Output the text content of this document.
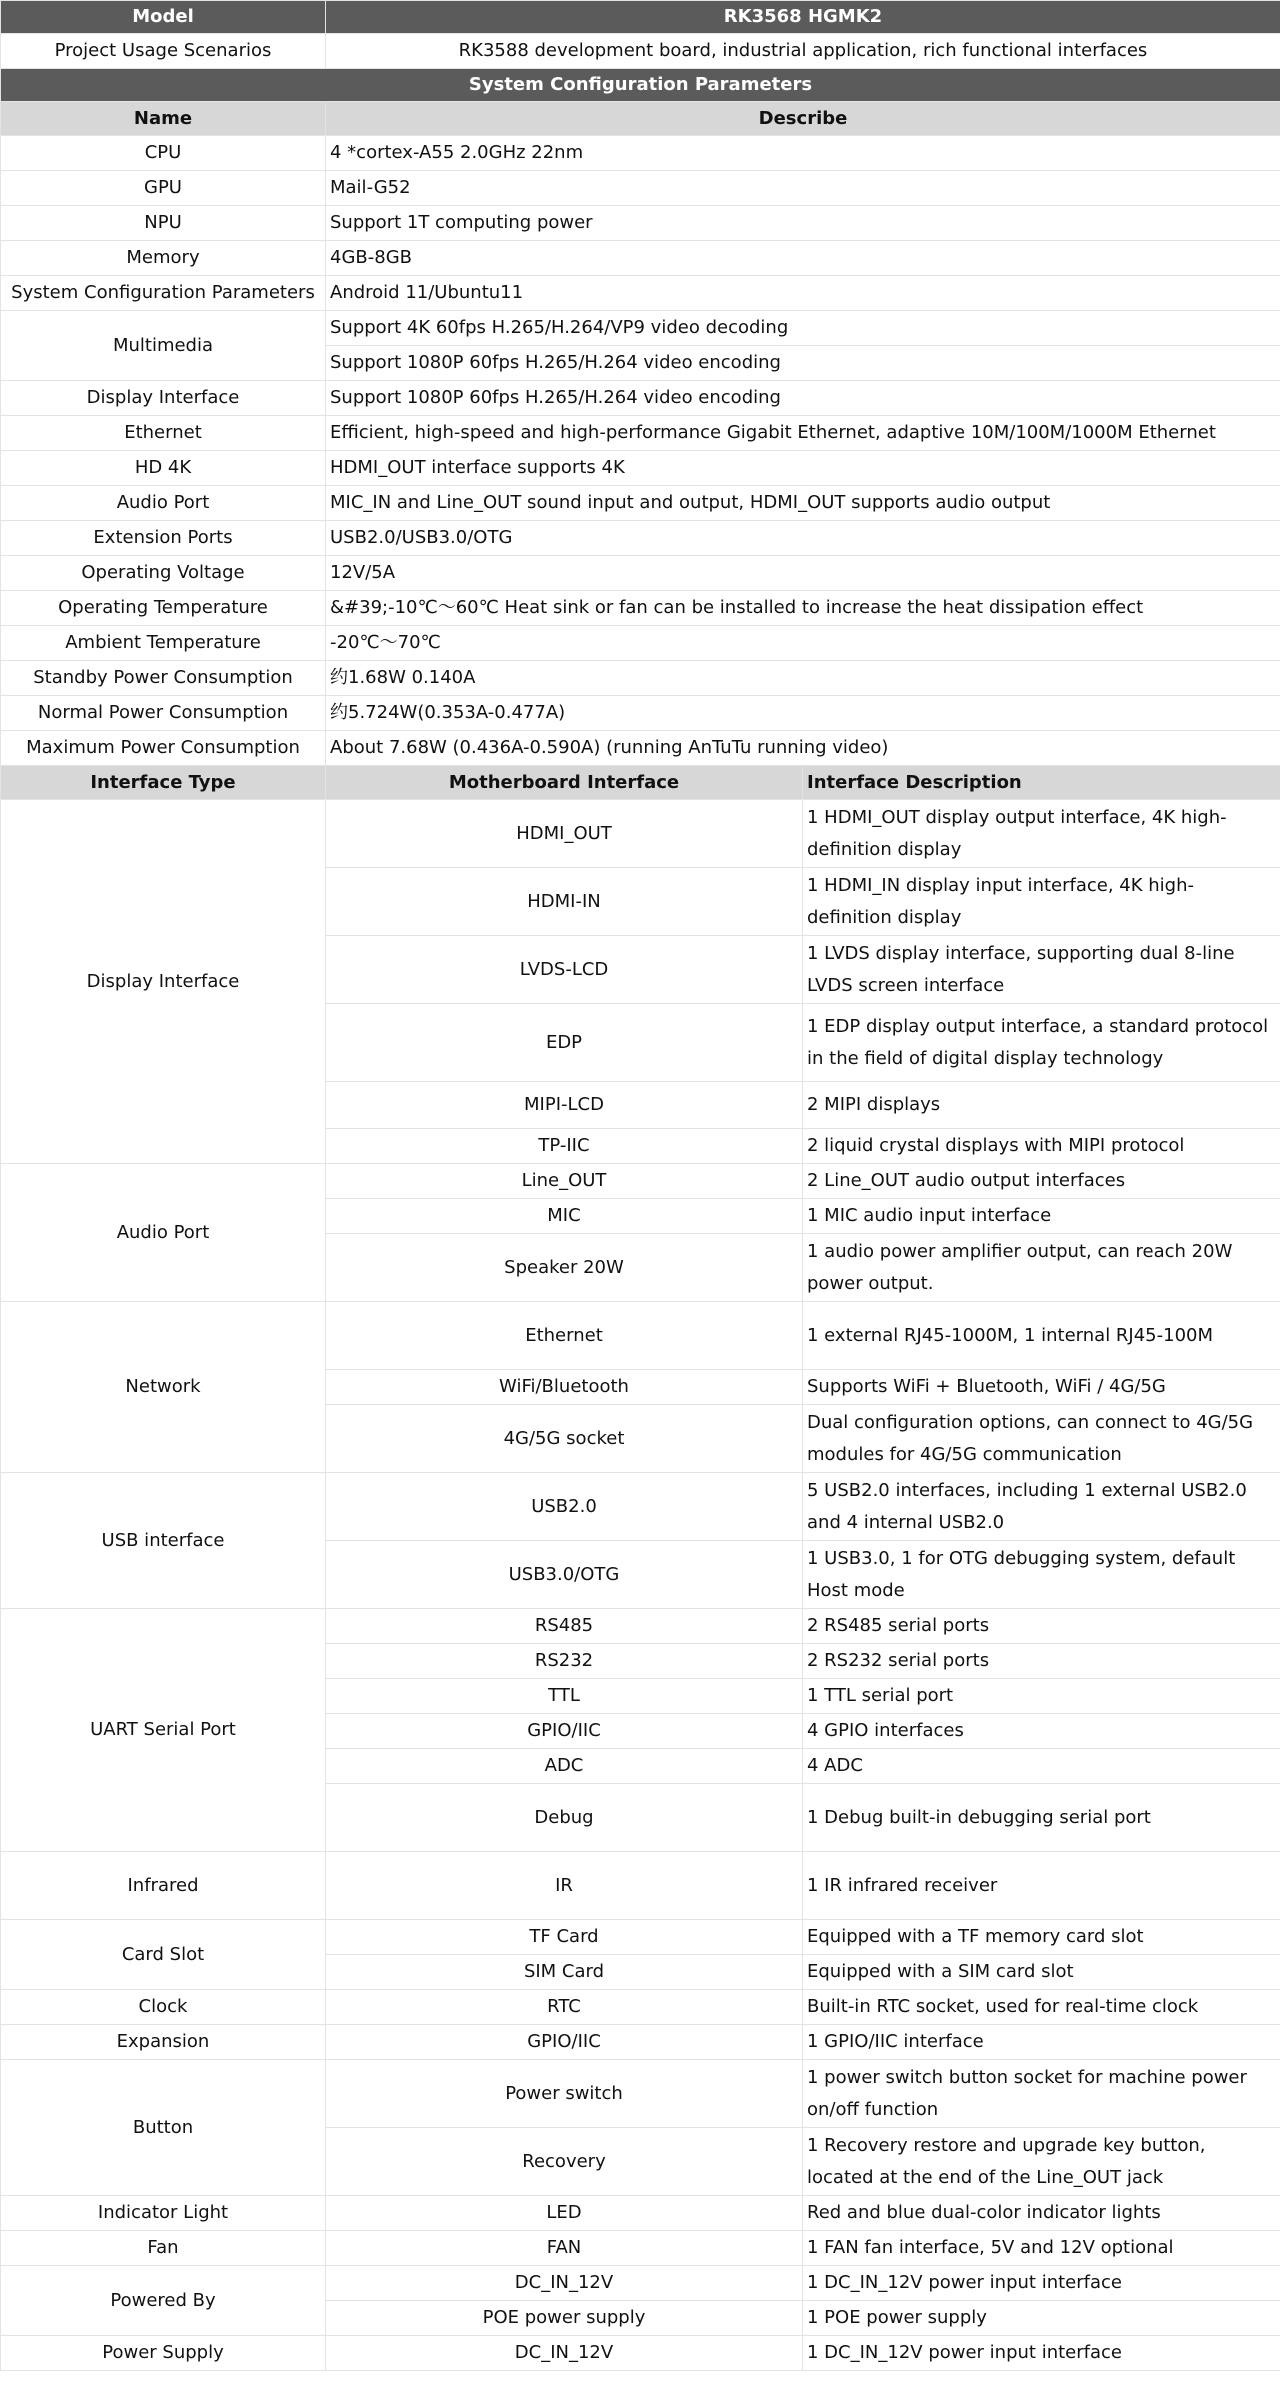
Model	RK3568 HGMK2	
Project Usage Scenarios	RK3588 development board, industrial application, rich functional interfaces	
System Configuration Parameters		
Name	Describe	
CPU	4 *cortex-A55 2.0GHz 22nm	
GPU	Mail-G52	
NPU	Support 1T computing power	
Memory	4GB-8GB	
System Configuration Parameters	Android 11/Ubuntu11	
Multimedia	Support 4K 60fps H.265/H.264/VP9 video decoding	
	Support 1080P 60fps H.265/H.264 video encoding	
Display Interface	Support 1080P 60fps H.265/H.264 video encoding	
Ethernet	Efficient, high-speed and high-performance Gigabit Ethernet, adaptive 10M/100M/1000M Ethernet	
HD 4K	HDMI_OUT interface supports 4K	
Audio Port	MIC_IN and Line_OUT sound input and output, HDMI_OUT supports audio output	
Extension Ports	USB2.0/USB3.0/OTG	
Operating Voltage	12V/5A	
Operating Temperature	&#39;-10℃～60℃ Heat sink or fan can be installed to increase the heat dissipation effect	
Ambient Temperature	-20℃～70℃	
Standby Power Consumption	约1.68W 0.140A	
Normal Power Consumption	约5.724W(0.353A-0.477A)	
Maximum Power Consumption	About 7.68W (0.436A-0.590A) (running AnTuTu running video)	
Interface Type	Motherboard Interface	Interface Description
Display Interface	HDMI_OUT	1 HDMI_OUT display output interface, 4K high-definition display
	HDMI-IN	1 HDMI_IN display input interface, 4K high-definition display
	LVDS-LCD	1 LVDS display interface, supporting dual 8-line LVDS screen interface
	EDP	1 EDP display output interface, a standard protocol in the field of digital display technology
	MIPI-LCD	2 MIPI displays
	TP-IIC	2 liquid crystal displays with MIPI protocol
Audio Port	Line_OUT	2 Line_OUT audio output interfaces
	MIC	1 MIC audio input interface
	Speaker 20W	1 audio power amplifier output, can reach 20W power output.
Network	Ethernet	1 external RJ45-1000M, 1 internal RJ45-100M
	WiFi/Bluetooth	Supports WiFi + Bluetooth, WiFi / 4G/5G
	4G/5G socket	Dual configuration options, can connect to 4G/5G modules for 4G/5G communication
USB interface	USB2.0	5 USB2.0 interfaces, including 1 external USB2.0 and 4 internal USB2.0
	USB3.0/OTG	1 USB3.0, 1 for OTG debugging system, default Host mode
UART Serial Port	RS485	2 RS485 serial ports
	RS232	2 RS232 serial ports
	TTL	1 TTL serial port
	GPIO/IIC	4 GPIO interfaces
	ADC	4 ADC
	Debug	1 Debug built-in debugging serial port
Infrared	IR	1 IR infrared receiver
Card Slot	TF Card	Equipped with a TF memory card slot
	SIM Card	Equipped with a SIM card slot
Clock	RTC	Built-in RTC socket, used for real-time clock
Expansion	GPIO/IIC	1 GPIO/IIC interface
Button	Power switch	1 power switch button socket for machine power on/off function
	Recovery	1 Recovery restore and upgrade key button, located at the end of the Line_OUT jack
Indicator Light	LED	Red and blue dual-color indicator lights
Fan	FAN	1 FAN fan interface, 5V and 12V optional
Powered By	DC_IN_12V	1 DC_IN_12V power input interface
	POE power supply	1 POE power supply
Power Supply	DC_IN_12V	1 DC_IN_12V power input interface
